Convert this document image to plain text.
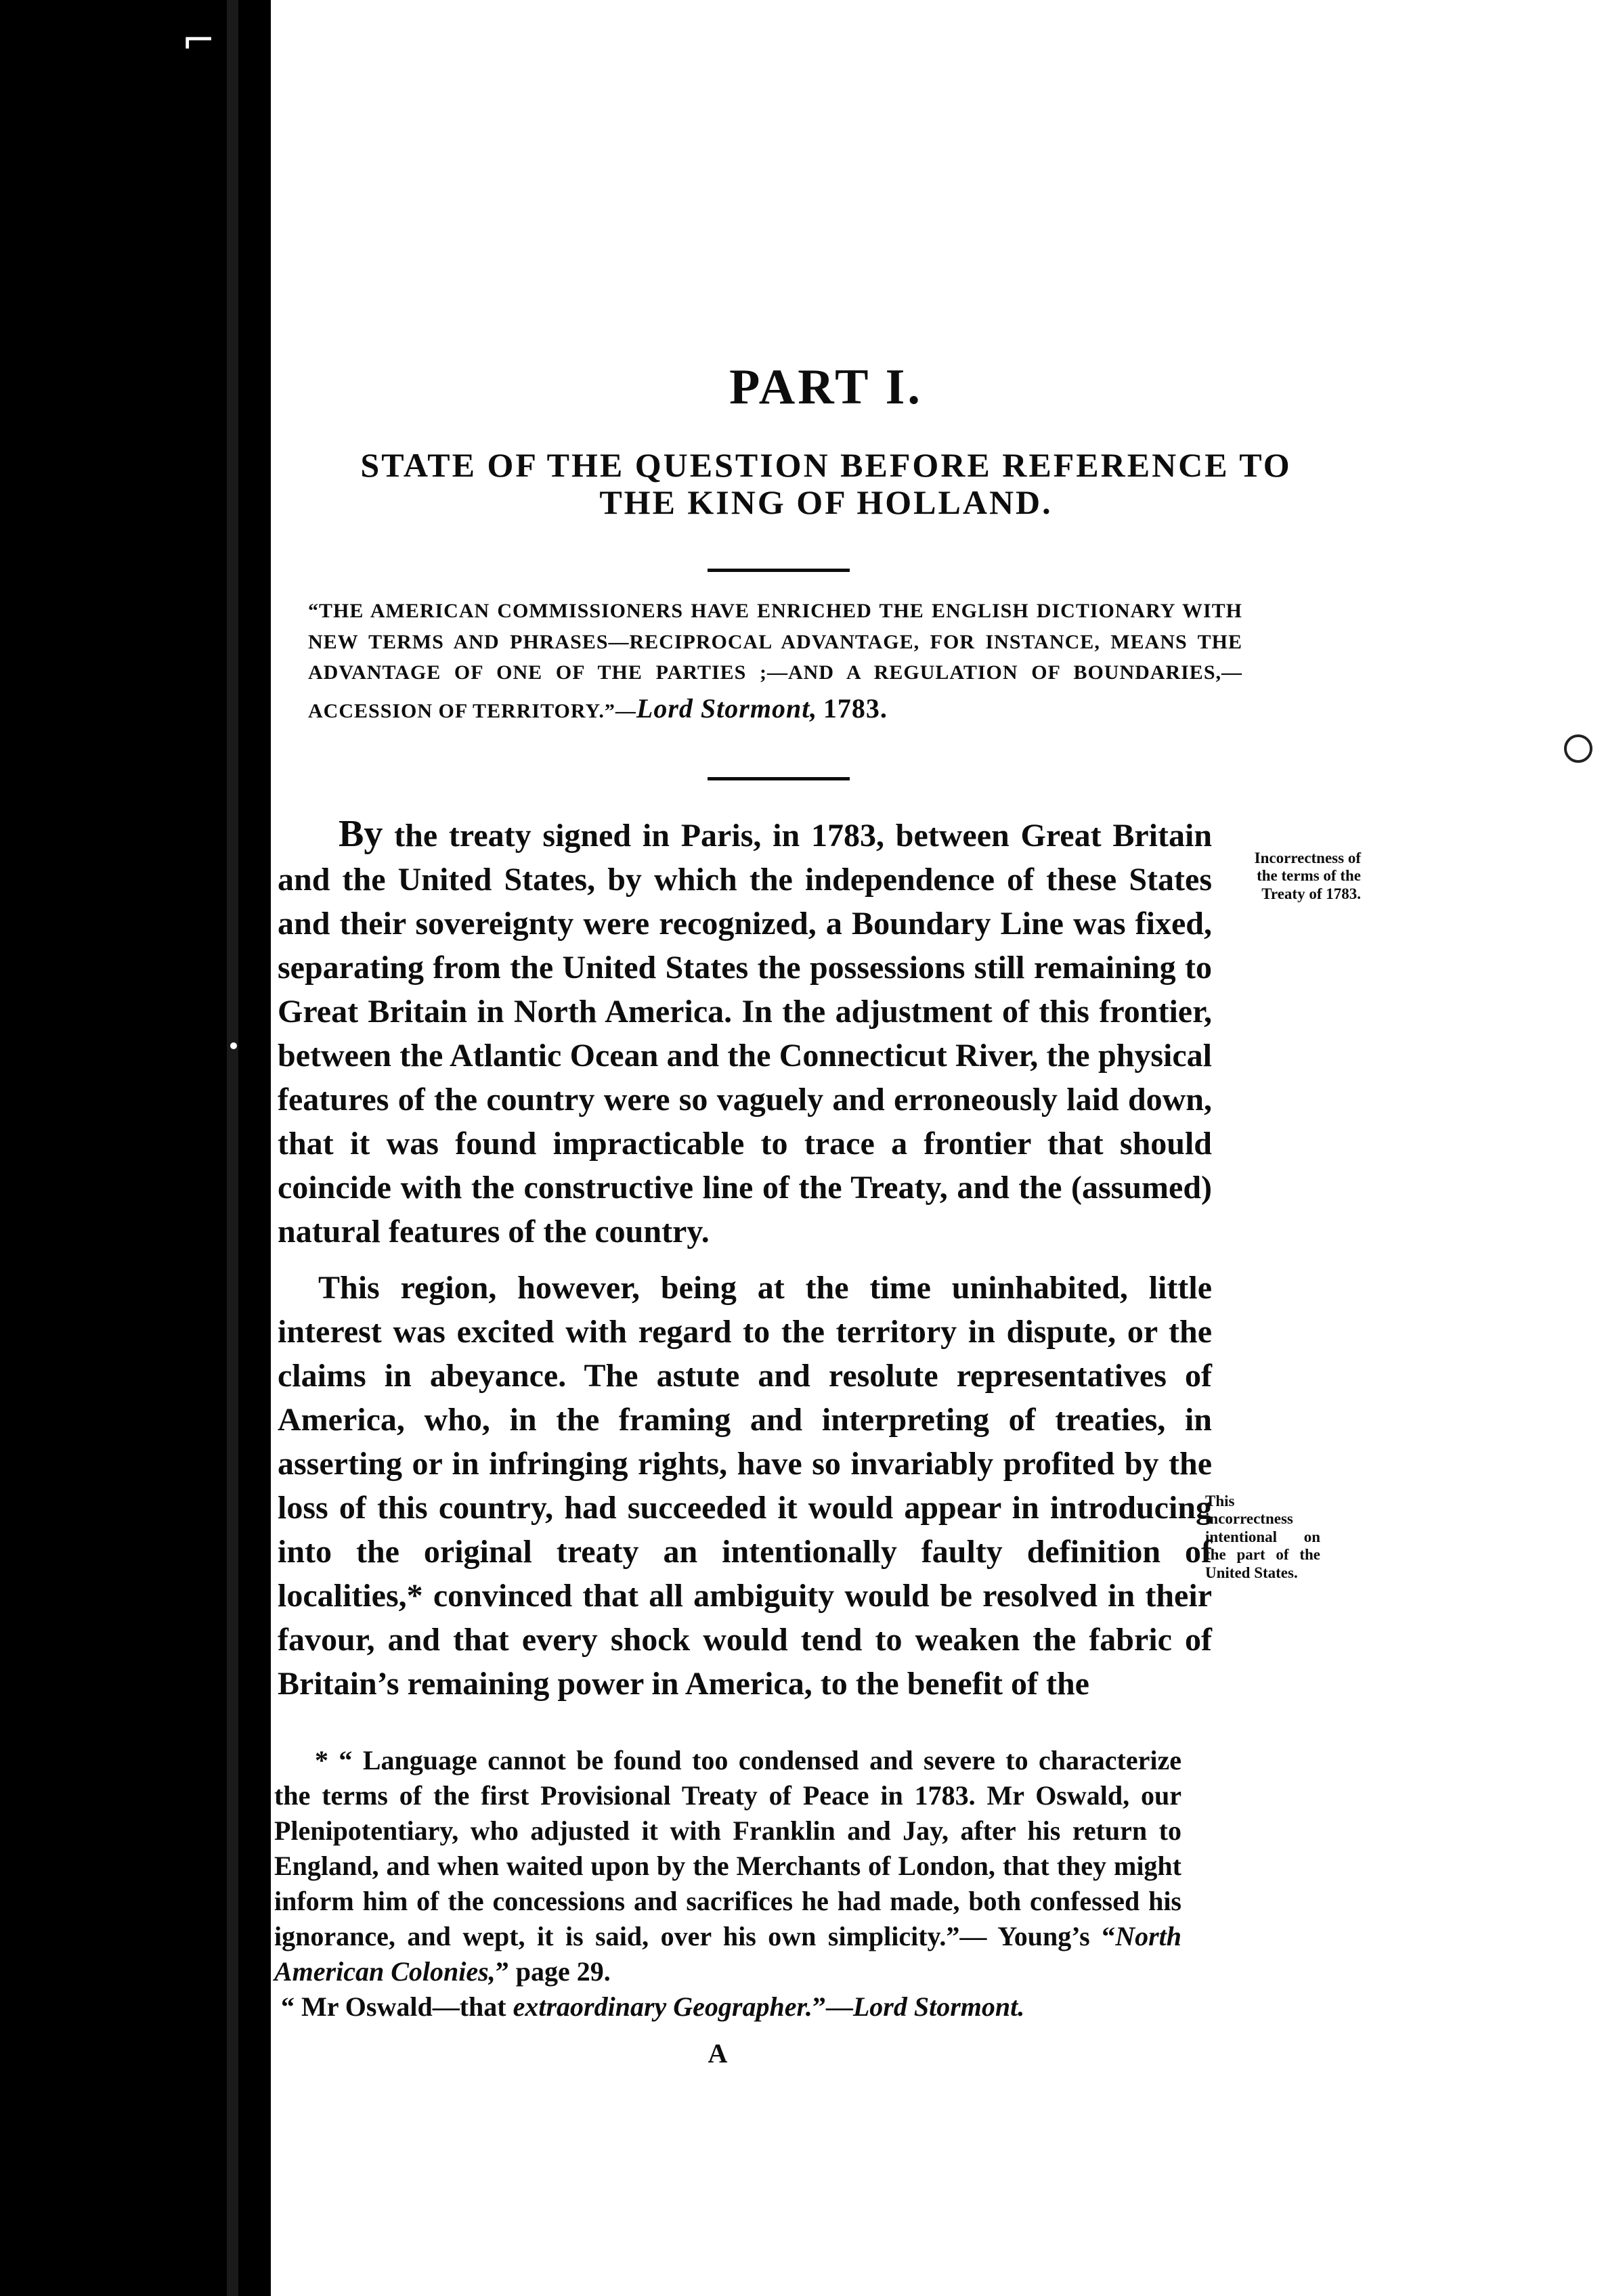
⌐
PART I.
STATE OF THE QUESTION BEFORE REFERENCE TO THE KING OF HOLLAND.
“THE AMERICAN COMMISSIONERS HAVE ENRICHED THE ENGLISH DICTIONARY WITH NEW TERMS AND PHRASES—RECIPROCAL ADVANTAGE, FOR INSTANCE, MEANS THE ADVANTAGE OF ONE OF THE PARTIES ;—AND A REGULATION OF BOUNDARIES,—ACCESSION OF TERRITORY.”—Lord Stormont, 1783.
By the treaty signed in Paris, in 1783, between Great Britain and the United States, by which the independence of these States and their sovereignty were recognized, a Boundary Line was fixed, separating from the United States the possessions still remaining to Great Britain in North America. In the adjustment of this frontier, between the Atlantic Ocean and the Connecticut River, the physical features of the country were so vaguely and erroneously laid down, that it was found impracticable to trace a frontier that should coincide with the constructive line of the Treaty, and the (assumed) natural features of the country.
Incorrectness of the terms of the Treaty of 1783.
This region, however, being at the time uninhabited, little interest was excited with regard to the territory in dispute, or the claims in abeyance. The astute and resolute representatives of America, who, in the framing and interpreting of treaties, in asserting or in infringing rights, have so invariably profited by the loss of this country, had succeeded it would appear in introducing into the original treaty an intentionally faulty definition of localities,* convinced that all ambiguity would be resolved in their favour, and that every shock would tend to weaken the fabric of Britain’s remaining power in America, to the benefit of the
This incorrectness intentional on the part of the United States.
* “ Language cannot be found too condensed and severe to characterize the terms of the first Provisional Treaty of Peace in 1783. Mr Oswald, our Plenipotentiary, who adjusted it with Franklin and Jay, after his return to England, and when waited upon by the Merchants of London, that they might inform him of the concessions and sacrifices he had made, both confessed his ignorance, and wept, it is said, over his own simplicity.”— Young’s “North American Colonies,” page 29.
“ Mr Oswald—that extraordinary Geographer.”—Lord Stormont.
A
